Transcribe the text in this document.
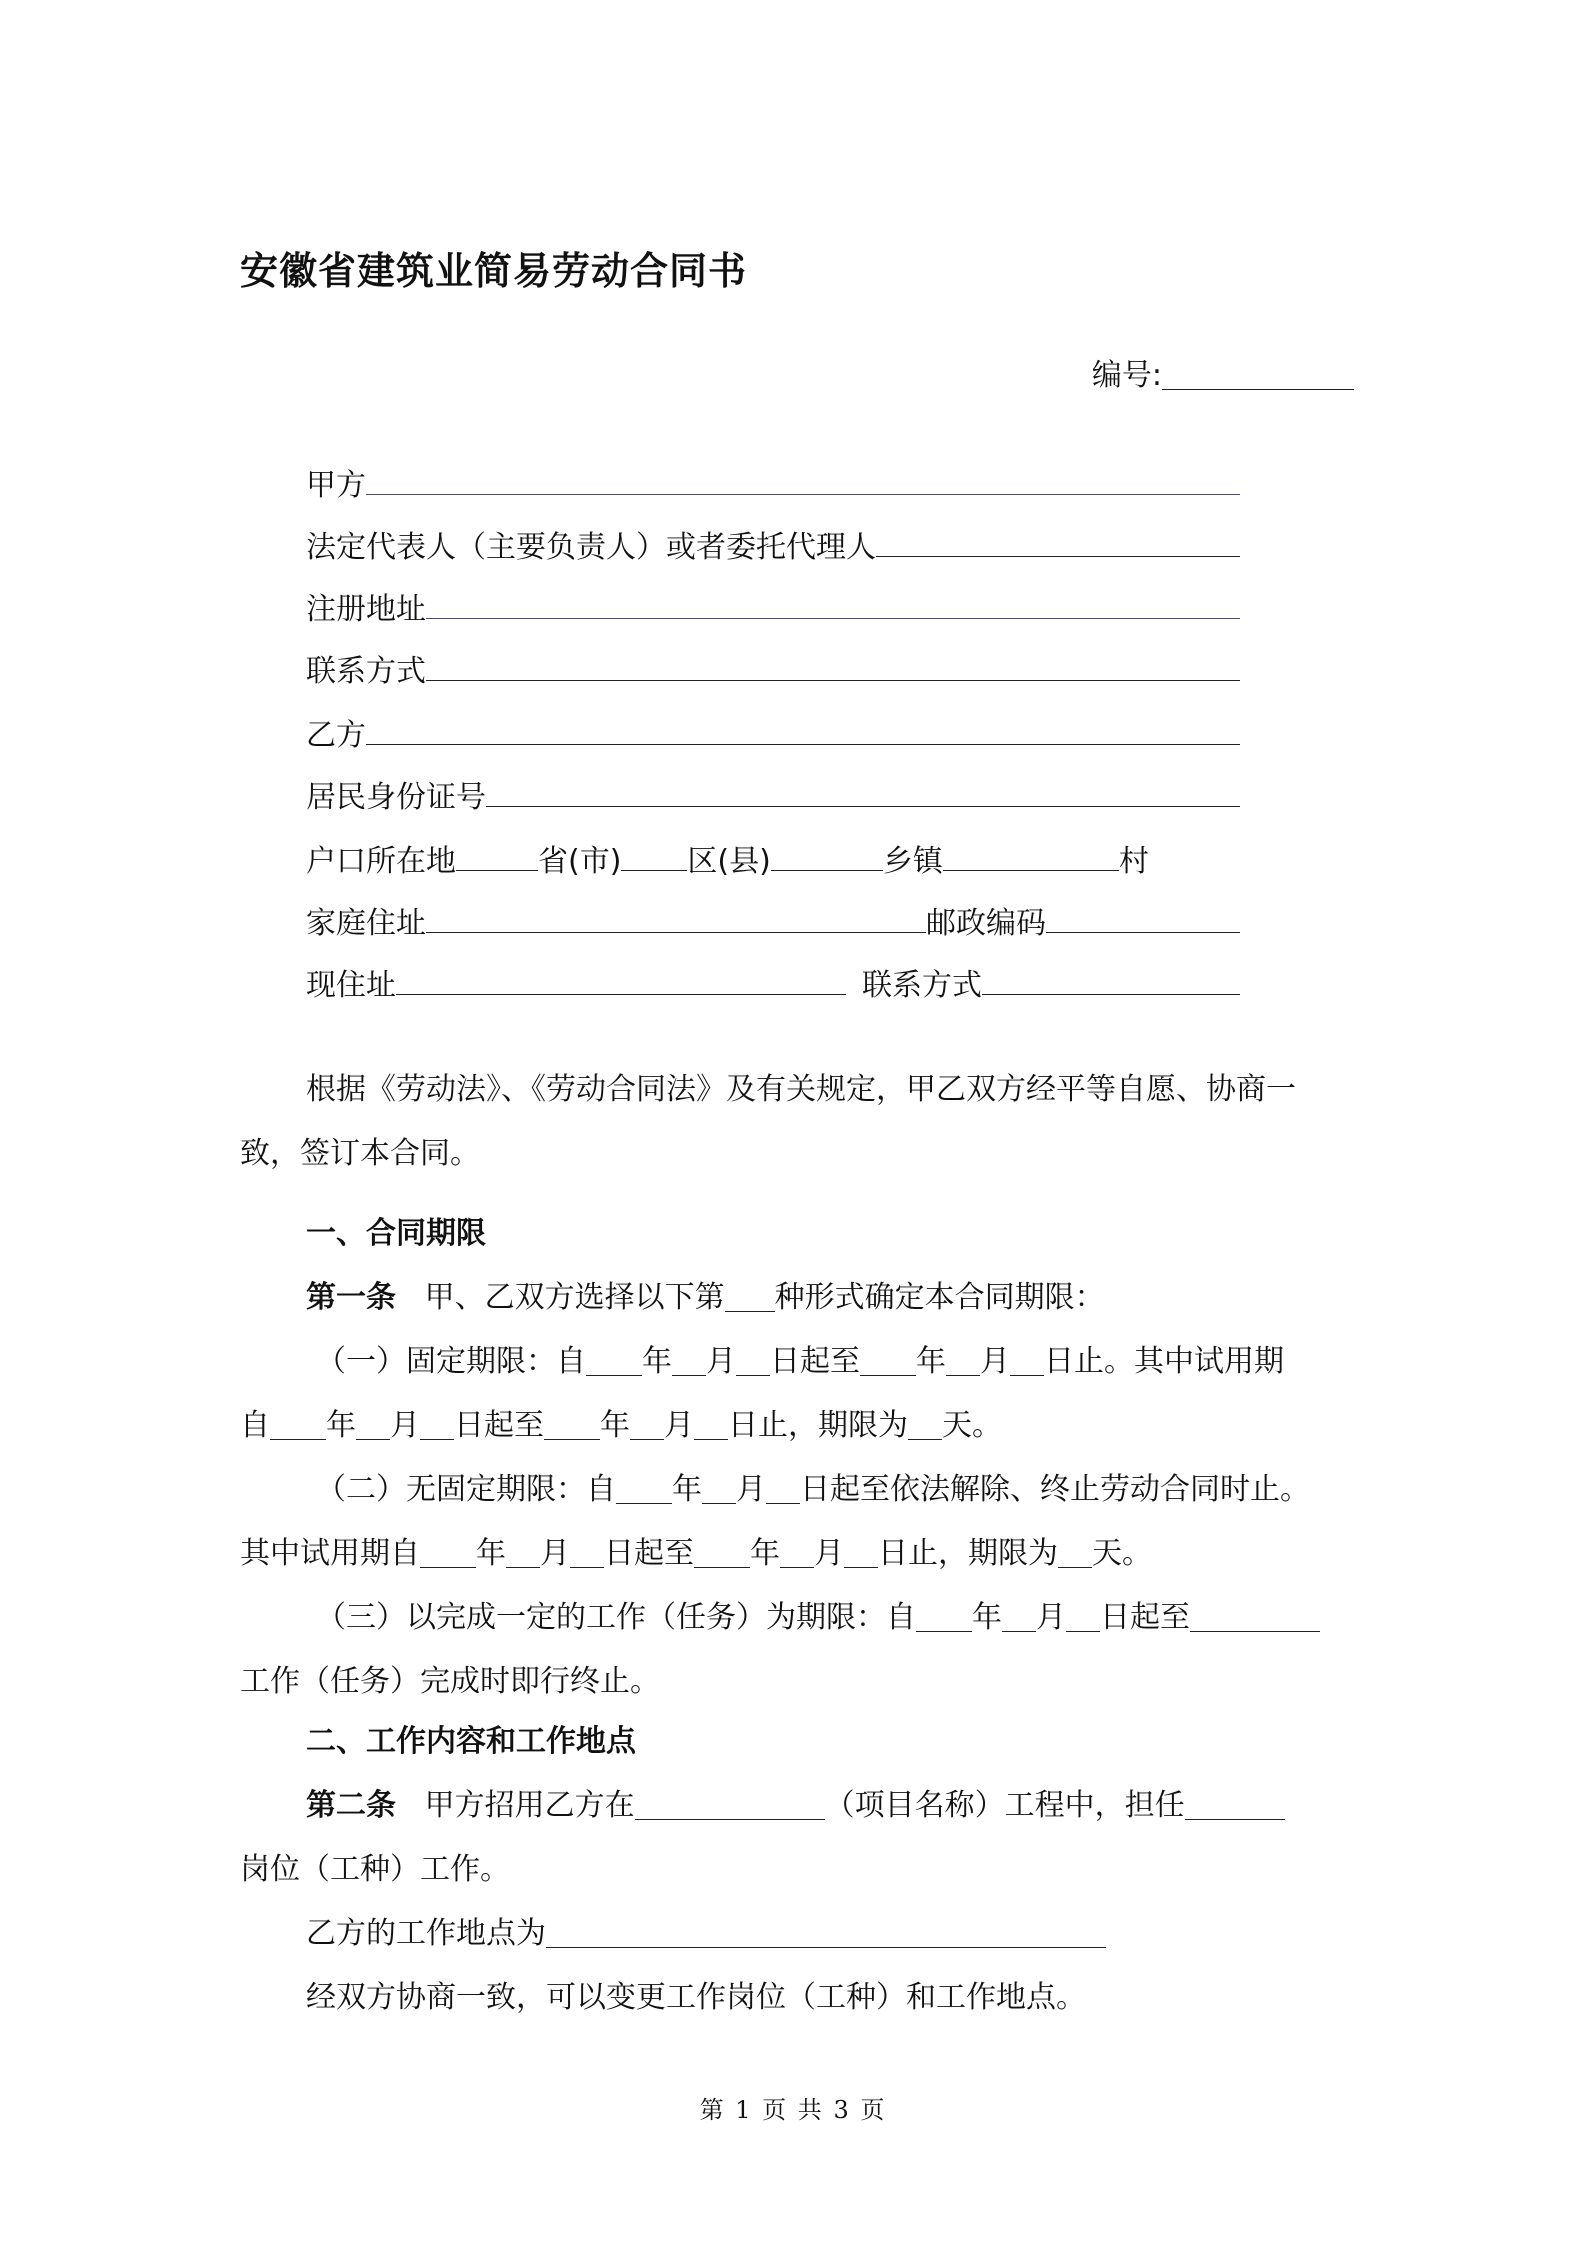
安徽省建筑业简易劳动合同书
编号:
甲方
法定代表人（主要负责人）或者委托代理人
注册地址
联系方式
乙方
居民身份证号
户口所在地	省(市) 区(县)	乡镇	村
家庭住址	邮政编码
现住址	联系方式
根据《劳动法》、《劳动合同法》及有关规定，甲乙双方经平等自愿、协商一
致，签订本合同。
一、合同期限
第一条 甲、乙双方选择以下第 种形式确定本合同期限：
（一）固定期限：自 年 月 日起至 年 月 日止。其中试用期
自 年 月 日起至 年 月 日止，期限为 天。
（二）无固定期限：自 年 月 日起至依法解除、终止劳动合同时止。
其中试用期自 年 月 日起至 年 月 日止，期限为 天。
（三）以完成一定的工作（任务）为期限：自 年 月 日起至
工作（任务）完成时即行终止。
二、工作内容和工作地点
第二条 甲方招用乙方在	（项目名称）工程中，担任
岗位（工种）工作。
乙方的工作地点为
经双方协商一致，可以变更工作岗位（工种）和工作地点。
第 1 页 共 3 页
